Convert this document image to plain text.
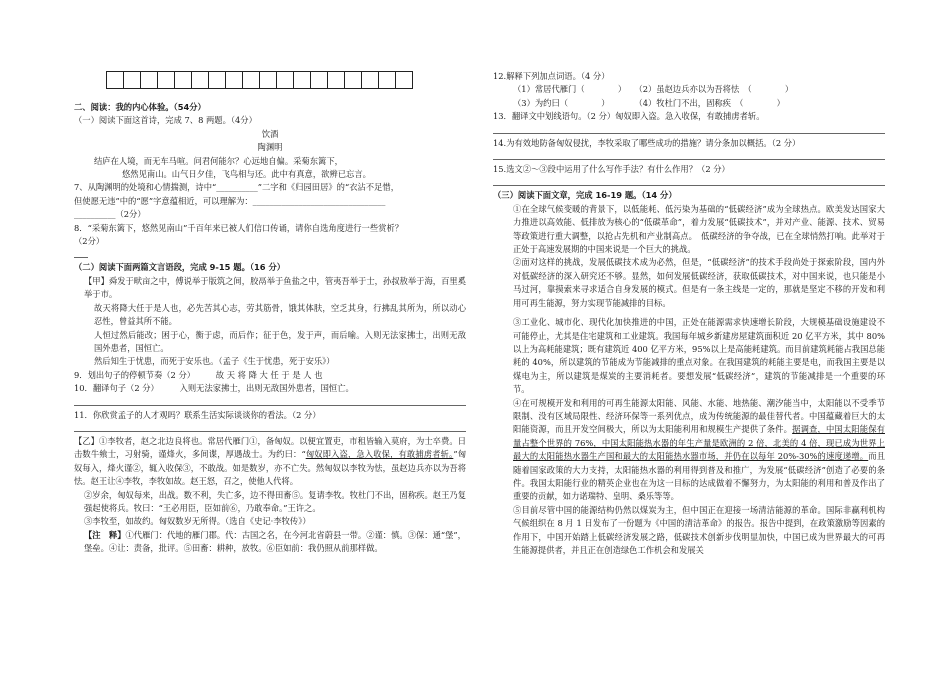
二、阅读：我的内心体验。（54分）
（一）阅读下面这首诗，完成 7、8 两题。（4分）
饮酒
陶渊明
结庐在人境，而无车马喧。问君何能尔？心远地自偏。采菊东篱下，
悠然见南山。山气日夕佳，飞鸟相与还。此中有真意，欲辨已忘言。
7、从陶渊明的处境和心情揣测，诗中“__________”二字和《归园田居》的“衣沾不足惜，
但使愿无违”中的“愿”字意蕴相近，可以理解为：________________________________
__________（2分）
8．“采菊东篱下，悠然见南山”千百年来已被人们信口传诵，请你自选角度进行一些赏析？
（2分）
（二）阅读下面两篇文言语段，完成 9-15 题。（16 分）
【甲】舜发于畎亩之中，傅说举于版筑之间，胶鬲举于鱼盐之中，管夷吾举于士，孙叔敖举于海，百里奚举于市。
故天将降大任于是人也，必先苦其心志，劳其筋骨，饿其体肤，空乏其身，行拂乱其所为，所以动心忍性，曾益其所不能。
人恒过然后能改；困于心，衡于虑，而后作；征于色，发于声，而后喻。入则无法家拂士，出则无敌国外患者，国恒亡。
然后知生于忧患，而死于安乐也。（孟子《生于忧患，死于安乐》）
9．划出句子的停顿节奏（2 分）　　　故 天 将 降 大 任 于 是 人 也
10．翻译句子（2 分）　　　入则无法家拂士，出则无敌国外患者，国恒亡。
11．你欣赏孟子的人才观吗？联系生活实际谈谈你的看法。（2 分）
【乙】①李牧者，赵之北边良将也。常居代雁门①，备匈奴。以便宜置吏，市租皆输入莫府，为士卒费。日击数牛飨士，习射骑，谨烽火，多间谍，厚遇战士。为约曰：“匈奴即入盗，急入收保，有敢捕虏者斩。”匈奴每入，烽火谨②，辄入收保③，不敢战。如是数岁，亦不亡失。然匈奴以李牧为怯，虽赵边兵亦以为吾将怯。赵王让④李牧，李牧如故。赵王怒，召之，使他人代将。
②岁余，匈奴每来，出战。数不利，失亡多，边不得田畜⑤。复请李牧。牧杜门不出，固称疾。赵王乃复强起使将兵。牧曰：“王必用臣，臣如前⑥，乃敢奉命。”王许之。
③李牧至，如故约。匈奴数岁无所得。（选自《史记·李牧传》）
【注　释】①代雁门：代地的雁门郡。代：古国之名，在今河北省蔚县一带。②谨：慎。③保：通“堡”，堡垒。④让：责备，批评。⑤田畜：耕种，放牧。⑥臣如前：我仍照从前那样做。
12.解释下列加点词语。（4 分）
（1）常居代雁门（　　　　）　　（2）虽赵边兵亦以为吾将怯　（　　　　）
（3）为约曰（　　　　）　　　　（4）牧杜门不出，固称疾　（　　　　）
13．翻译文中划线语句。（2 分）匈奴即入盗。急入收保，有敢捕虏者斩。
14.为有效地防备匈奴侵扰，李牧采取了哪些成功的措施？请分条加以概括。（2 分）
15.选文②～③段中运用了什么写作手法？有什么作用？（2 分）
（三）阅读下面文章，完成 16-19 题。（14 分）
①在全球气候变暖的背景下，以低能耗、低污染为基础的“低碳经济”成为全球热点。欧美发达国家大力推进以高效能、低排放为核心的“低碳革命”，着力发展“低碳技术”，并对产业、能源、技术、贸易等政策进行重大调整，以抢占先机和产业制高点。　低碳经济的争夺战，已在全球悄然打响。此举对于正处于高速发展期的中国来说是一个巨大的挑战。
②面对这样的挑战，发展低碳技术成为必然，但是，“低碳经济”的技术手段尚处于探索阶段，国内外对低碳经济的深入研究还不够。显然，如何发展低碳经济，获取低碳技术，对中国来说，也只能是小马过河，靠摸索来寻求适合自身发展的模式。但是有一条主线是一定的，那就是坚定不移的开发和利用可再生能源，努力实现节能减排的目标。
③工业化、城市化、现代化加快推进的中国，正处在能源需求快速增长阶段，大规模基础设施建设不可能停止，尤其是住宅建筑和工业建筑。我国每年城乡新建房屋建筑面积近 20 亿平方米，其中 80%以上为高耗能建筑；既有建筑近 400 亿平方米，95%以上是高能耗建筑。而目前建筑耗能占我国总能耗的 40%，所以建筑的节能成为节能减排的重点对象。在我国建筑的耗能主要是电，而我国主要是以煤电为主，所以建筑是煤炭的主要消耗者。要想发展“低碳经济”，建筑的节能减排是一个重要的环节。
④在可规模开发和利用的可再生能源太阳能、风能、水能、地热能、潮汐能当中，太阳能以不受季节限制、没有区域局限性、经济环保等一系列优点，成为传统能源的最佳替代者。中国蕴藏着巨大的太阳能资源，而且开发空间极大，所以为太阳能利用和规模生产提供了条件。据调查，中国太阳能保有量占整个世界的 76%，中国太阳能热水器的年生产量是欧洲的 2 倍，北美的 4 倍，现已成为世界上最大的太阳能热水器生产国和最大的太阳能热水器市场，并仍在以每年 20%-30%的速度递增。而且随着国家政策的大力支持，太阳能热水器的利用得到普及和推广，为发展“低碳经济”创造了必要的条件。我国太阳能行业的精英企业也在为这一目标的达成做着不懈努力，为太阳能的利用和普及作出了重要的贡献，如力诺瑞特、皇明、桑乐等等。
⑤目前尽管中国的能源结构仍然以煤炭为主，但中国正在迎接一场清洁能源的革命。国际非赢利机构气候组织在 8 月 1 日发布了一份题为《中国的清洁革命》的报告。报告中提到，在政策激励等因素的作用下，中国开始踏上低碳经济发展之路，低碳技术创新步伐明显加快，中国已成为世界最大的可再生能源提供者，并且正在创造绿色工作机会和发展关
